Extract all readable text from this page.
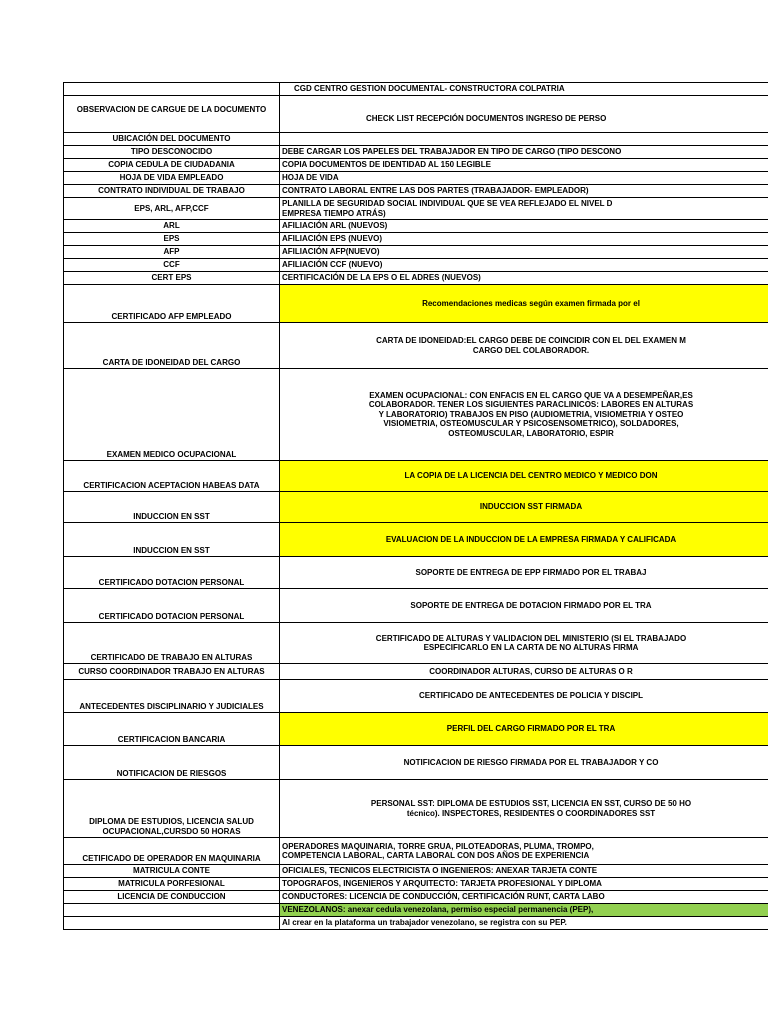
	CGD CENTRO GESTION DOCUMENTAL- CONSTRUCTORA COLPATRIA
OBSERVACION DE CARGUE DE LA DOCUMENTO	CHECK LIST RECEPCIÓN DOCUMENTOS INGRESO DE PERSO
UBICACIÓN DEL DOCUMENTO	
TIPO DESCONOCIDO	DEBE CARGAR LOS PAPELES DEL TRABAJADOR EN TIPO DE CARGO (TIPO DESCONO
COPIA CEDULA DE CIUDADANIA	COPIA DOCUMENTOS DE IDENTIDAD AL 150 LEGIBLE
HOJA DE VIDA EMPLEADO	HOJA DE VIDA
CONTRATO INDIVIDUAL DE TRABAJO	CONTRATO LABORAL ENTRE LAS DOS PARTES (TRABAJADOR- EMPLEADOR)
EPS, ARL, AFP,CCF	PLANILLA DE SEGURIDAD SOCIAL INDIVIDUAL QUE SE VEA REFLEJADO EL NIVEL D
EMPRESA TIEMPO ATRÁS)
ARL	AFILIACIÓN ARL (NUEVOS)
EPS	AFILIACIÓN EPS (NUEVO)
AFP	AFILIACIÓN AFP(NUEVO)
CCF	AFILIACIÓN CCF (NUEVO)
CERT EPS	CERTIFICACIÓN DE LA EPS O EL ADRES (NUEVOS)
CERTIFICADO AFP EMPLEADO	Recomendaciones medicas según examen firmada por el
CARTA DE IDONEIDAD DEL CARGO	CARTA DE IDONEIDAD:EL CARGO DEBE DE COINCIDIR CON EL DEL EXAMEN M
CARGO DEL COLABORADOR.
EXAMEN MEDICO OCUPACIONAL	EXAMEN OCUPACIONAL: CON ENFACIS EN EL CARGO QUE VA A DESEMPEÑAR,ES
COLABORADOR. TENER LOS SIGUIENTES PARACLINICOS: LABORES EN ALTURAS
Y LABORATORIO) TRABAJOS EN PISO (AUDIOMETRIA, VISIOMETRIA Y OSTEO
VISIOMETRIA, OSTEOMUSCULAR Y PSICOSENSOMETRICO), SOLDADORES,
OSTEOMUSCULAR, LABORATORIO, ESPIR
CERTIFICACION ACEPTACION HABEAS DATA	LA COPIA DE LA LICENCIA DEL CENTRO MEDICO Y MEDICO DON
INDUCCION EN SST	INDUCCION SST FIRMADA
INDUCCION EN SST	EVALUACION DE LA INDUCCION DE LA EMPRESA FIRMADA Y CALIFICADA
CERTIFICADO DOTACION PERSONAL	SOPORTE DE ENTREGA DE EPP FIRMADO POR EL TRABAJ
CERTIFICADO DOTACION PERSONAL	SOPORTE DE ENTREGA DE DOTACION FIRMADO POR EL TRA
CERTIFICADO DE TRABAJO EN ALTURAS	CERTIFICADO DE ALTURAS Y VALIDACION DEL MINISTERIO (SI EL TRABAJADO
ESPECIFICARLO EN LA CARTA DE NO ALTURAS FIRMA
CURSO COORDINADOR TRABAJO EN ALTURAS	COORDINADOR ALTURAS, CURSO DE ALTURAS O R
ANTECEDENTES DISCIPLINARIO Y JUDICIALES	CERTIFICADO DE ANTECEDENTES DE POLICIA Y DISCIPL
CERTIFICACION BANCARIA	PERFIL DEL CARGO FIRMADO POR EL TRA
NOTIFICACION DE RIESGOS	NOTIFICACION DE RIESGO FIRMADA POR EL TRABAJADOR Y CO
DIPLOMA DE ESTUDIOS, LICENCIA SALUD
OCUPACIONAL,CURSDO 50 HORAS	PERSONAL SST: DIPLOMA DE ESTUDIOS SST, LICENCIA EN SST, CURSO DE 50 HO
técnico). INSPECTORES, RESIDENTES O COORDINADORES SST
CETIFICADO DE OPERADOR EN MAQUINARIA	OPERADORES MAQUINARIA, TORRE GRUA, PILOTEADORAS, PLUMA, TROMPO,
COMPETENCIA LABORAL, CARTA LABORAL CON DOS AÑOS DE EXPERIENCIA
MATRICULA CONTE	OFICIALES, TECNICOS ELECTRICISTA O INGENIEROS: ANEXAR TARJETA CONTE
MATRICULA PORFESIONAL	TOPOGRAFOS, INGENIEROS Y ARQUITECTO: TARJETA PROFESIONAL Y DIPLOMA
LICENCIA DE CONDUCCION	CONDUCTORES: LICENCIA DE CONDUCCIÓN, CERTIFICACIÓN RUNT, CARTA LABO
	VENEZOLANOS: anexar cedula venezolana, permiso especial permanencia (PEP),
	Al crear en la plataforma un trabajador venezolano, se registra con su PEP.
